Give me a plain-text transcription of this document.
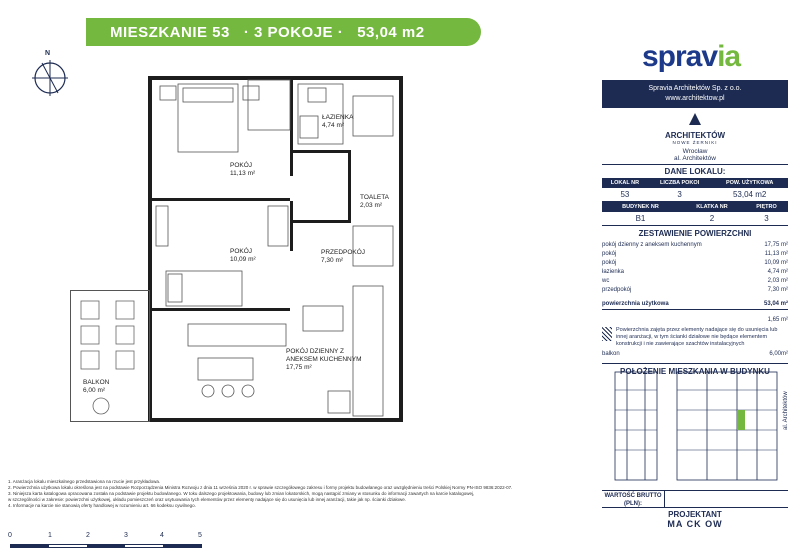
MIESZKANIE 53 · 3 POKOJE · 53,04 m2
spravia
N
ŁAZIENKA
4,74 m²
POKÓJ
11,13 m²
TOALETA
2,03 m²
POKÓJ
10,09 m²
PRZEDPOKÓJ
7,30 m²
POKÓJ DZIENNY Z ANEKSEM KUCHENNYM
17,75 m²
BALKON
6,00 m²
0	1	2	3	4	5
1. Aranżacja lokalu mieszkalnego przedstawiona na rzucie jest przykładowa.
2. Powierzchnia użytkowa lokalu określona jest na podstawie Rozporządzenia Ministra Rozwoju z dnia 11 września 2020 r. w sprawie szczegółowego zakresu i formy projektu budowlanego oraz uwzględnieniu treści Polskiej Normy PN-ISO 9836:2022-07.
3. Niniejsza karta katalogowa opracowana została na podstawie projektu budowlanego. W toku dalszego projektowania, budowy lub zmian lokatorskich, mogą nastąpić zmiany w stosunku do informacji zawartych na karcie katalogowej,
w szczególności w zakresie: powierzchni użytkowej, układu pomieszczeń oraz usytuowania tych elementów przez elementy nadające się do usunięcia lub innej aranżacji, takie jak np. ścianki działowe.
4. Informacje na karcie nie stanowią oferty handlowej w rozumieniu art. 66 kodeksu cywilnego.
Spravia Architektów Sp. z o.o.
www.architektow.pl
ARCHITEKTÓW
NOWE ŻERNIKI
Wrocław
al. Architektów
DANE LOKALU:
LOKAL NR	LICZBA POKOI	POW. UŻYTKOWA
53	3	53,04 m2
BUDYNEK NR	KLATKA NR	PIĘTRO
B1	2	3
ZESTAWIENIE POWIERZCHNI
pokój dzienny z aneksem kuchennym	17,75 m²
pokój	11,13 m²
pokój	10,09 m²
łazienka	4,74 m²
wc	2,03 m²
przedpokój	7,30 m²
powierzchnia użytkowa	53,04 m²
1,65 m²
Powierzchnia zajęta przez elementy nadające się do usunięcia lub innej aranżacji, w tym ścianki działowe nie będące elementem konstrukcji i nie zawierające szachtów instalacyjnych
balkon	6,00m²
POŁOŻENIE MIESZKANIA W BUDYNKU
al. Architektów
WARTOŚĆ BRUTTO (PLN):
PROJEKTANT
MA CK OW
